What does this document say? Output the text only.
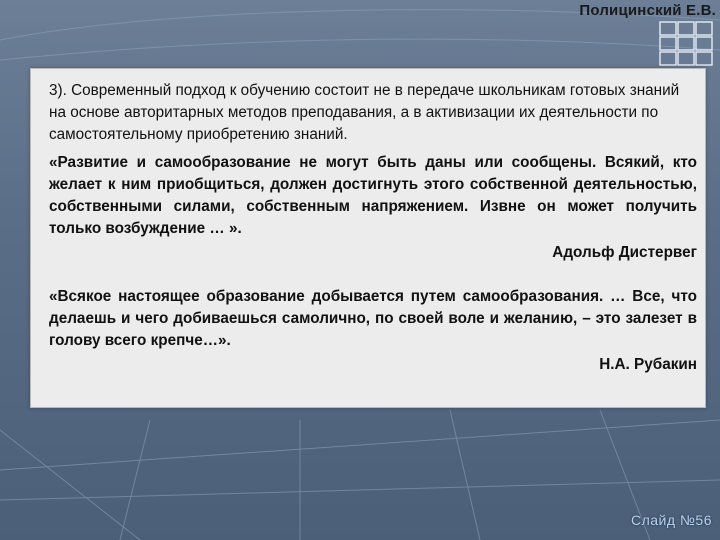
Полицинский Е.В.

3). Современный подход к обучению состоит не в передаче школьникам готовых знаний на основе авторитарных методов преподавания, а в активизации их деятельности по самостоятельному приобретению знаний.

«Развитие и самообразование не могут быть даны или сообщены. Всякий, кто желает к ним приобщиться, должен достигнуть этого собственной деятельностью, собственными силами, собственным напряжением. Извне он может получить только возбуждение … ».

Адольф Дистервег

«Всякое настоящее образование добывается путем самообразования. … Все, что делаешь и чего добиваешься самолично, по своей воле и желанию, – это залезет в голову всего крепче…».

Н.А. Рубакин

Слайд №56
